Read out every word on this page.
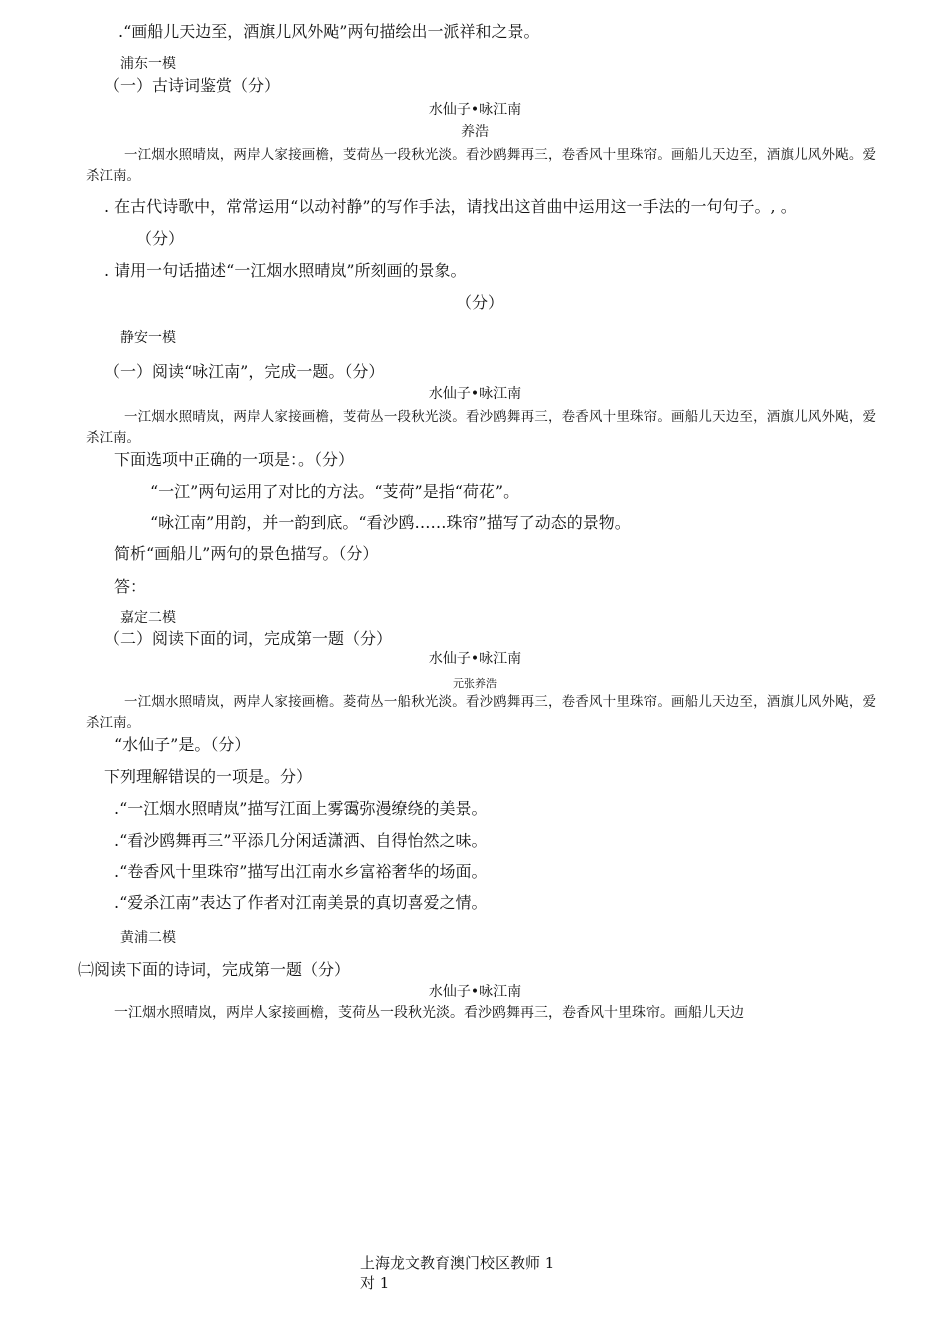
.“画船儿天边至，酒旗儿风外飐”两句描绘出一派祥和之景。
浦东一模
（一）古诗词鉴赏（分）
水仙子•咏江南
养浩
一江烟水照晴岚，两岸人家接画檐，芰荷丛一段秋光淡。看沙鸥舞再三，卷香风十里珠帘。画船儿天边至，酒旗儿风外飐。爱杀江南。
. 在古代诗歌中，常常运用“以动衬静”的写作手法，请找出这首曲中运用这一手法的一句句子。, 。
（分）
. 请用一句话描述“一江烟水照晴岚”所刻画的景象。
（分）
静安一模
（一）阅读“咏江南”，完成一题。（分）
水仙子•咏江南
一江烟水照晴岚，两岸人家接画檐，芰荷丛一段秋光淡。看沙鸥舞再三，卷香风十里珠帘。画船儿天边至，酒旗儿风外飐，爱杀江南。
下面选项中正确的一项是：。（分）
“一江”两句运用了对比的方法。“芰荷”是指“荷花”。
“咏江南”用韵，并一韵到底。“看沙鸥……珠帘”描写了动态的景物。
简析“画船儿”两句的景色描写。（分）
答：
嘉定二模
（二）阅读下面的词，完成第一题（分）
水仙子•咏江南
元张养浩
一江烟水照晴岚，两岸人家接画檐。菱荷丛一船秋光淡。看沙鸥舞再三，卷香风十里珠帘。画船儿天边至，酒旗儿风外飐，爱杀江南。
“水仙子”是。（分）
下列理解错误的一项是。分）
.“一江烟水照晴岚”描写江面上雾霭弥漫缭绕的美景。
.“看沙鸥舞再三”平添几分闲适潇洒、自得怡然之味。
.“卷香风十里珠帘”描写出江南水乡富裕奢华的场面。
.“爱杀江南”表达了作者对江南美景的真切喜爱之情。
黄浦二模
㈡阅读下面的诗词，完成第一题（分）
水仙子•咏江南
一江烟水照晴岚，两岸人家接画檐，芰荷丛一段秋光淡。看沙鸥舞再三，卷香风十里珠帘。画船儿天边
上海龙文教育澳门校区教师 1
对 1
